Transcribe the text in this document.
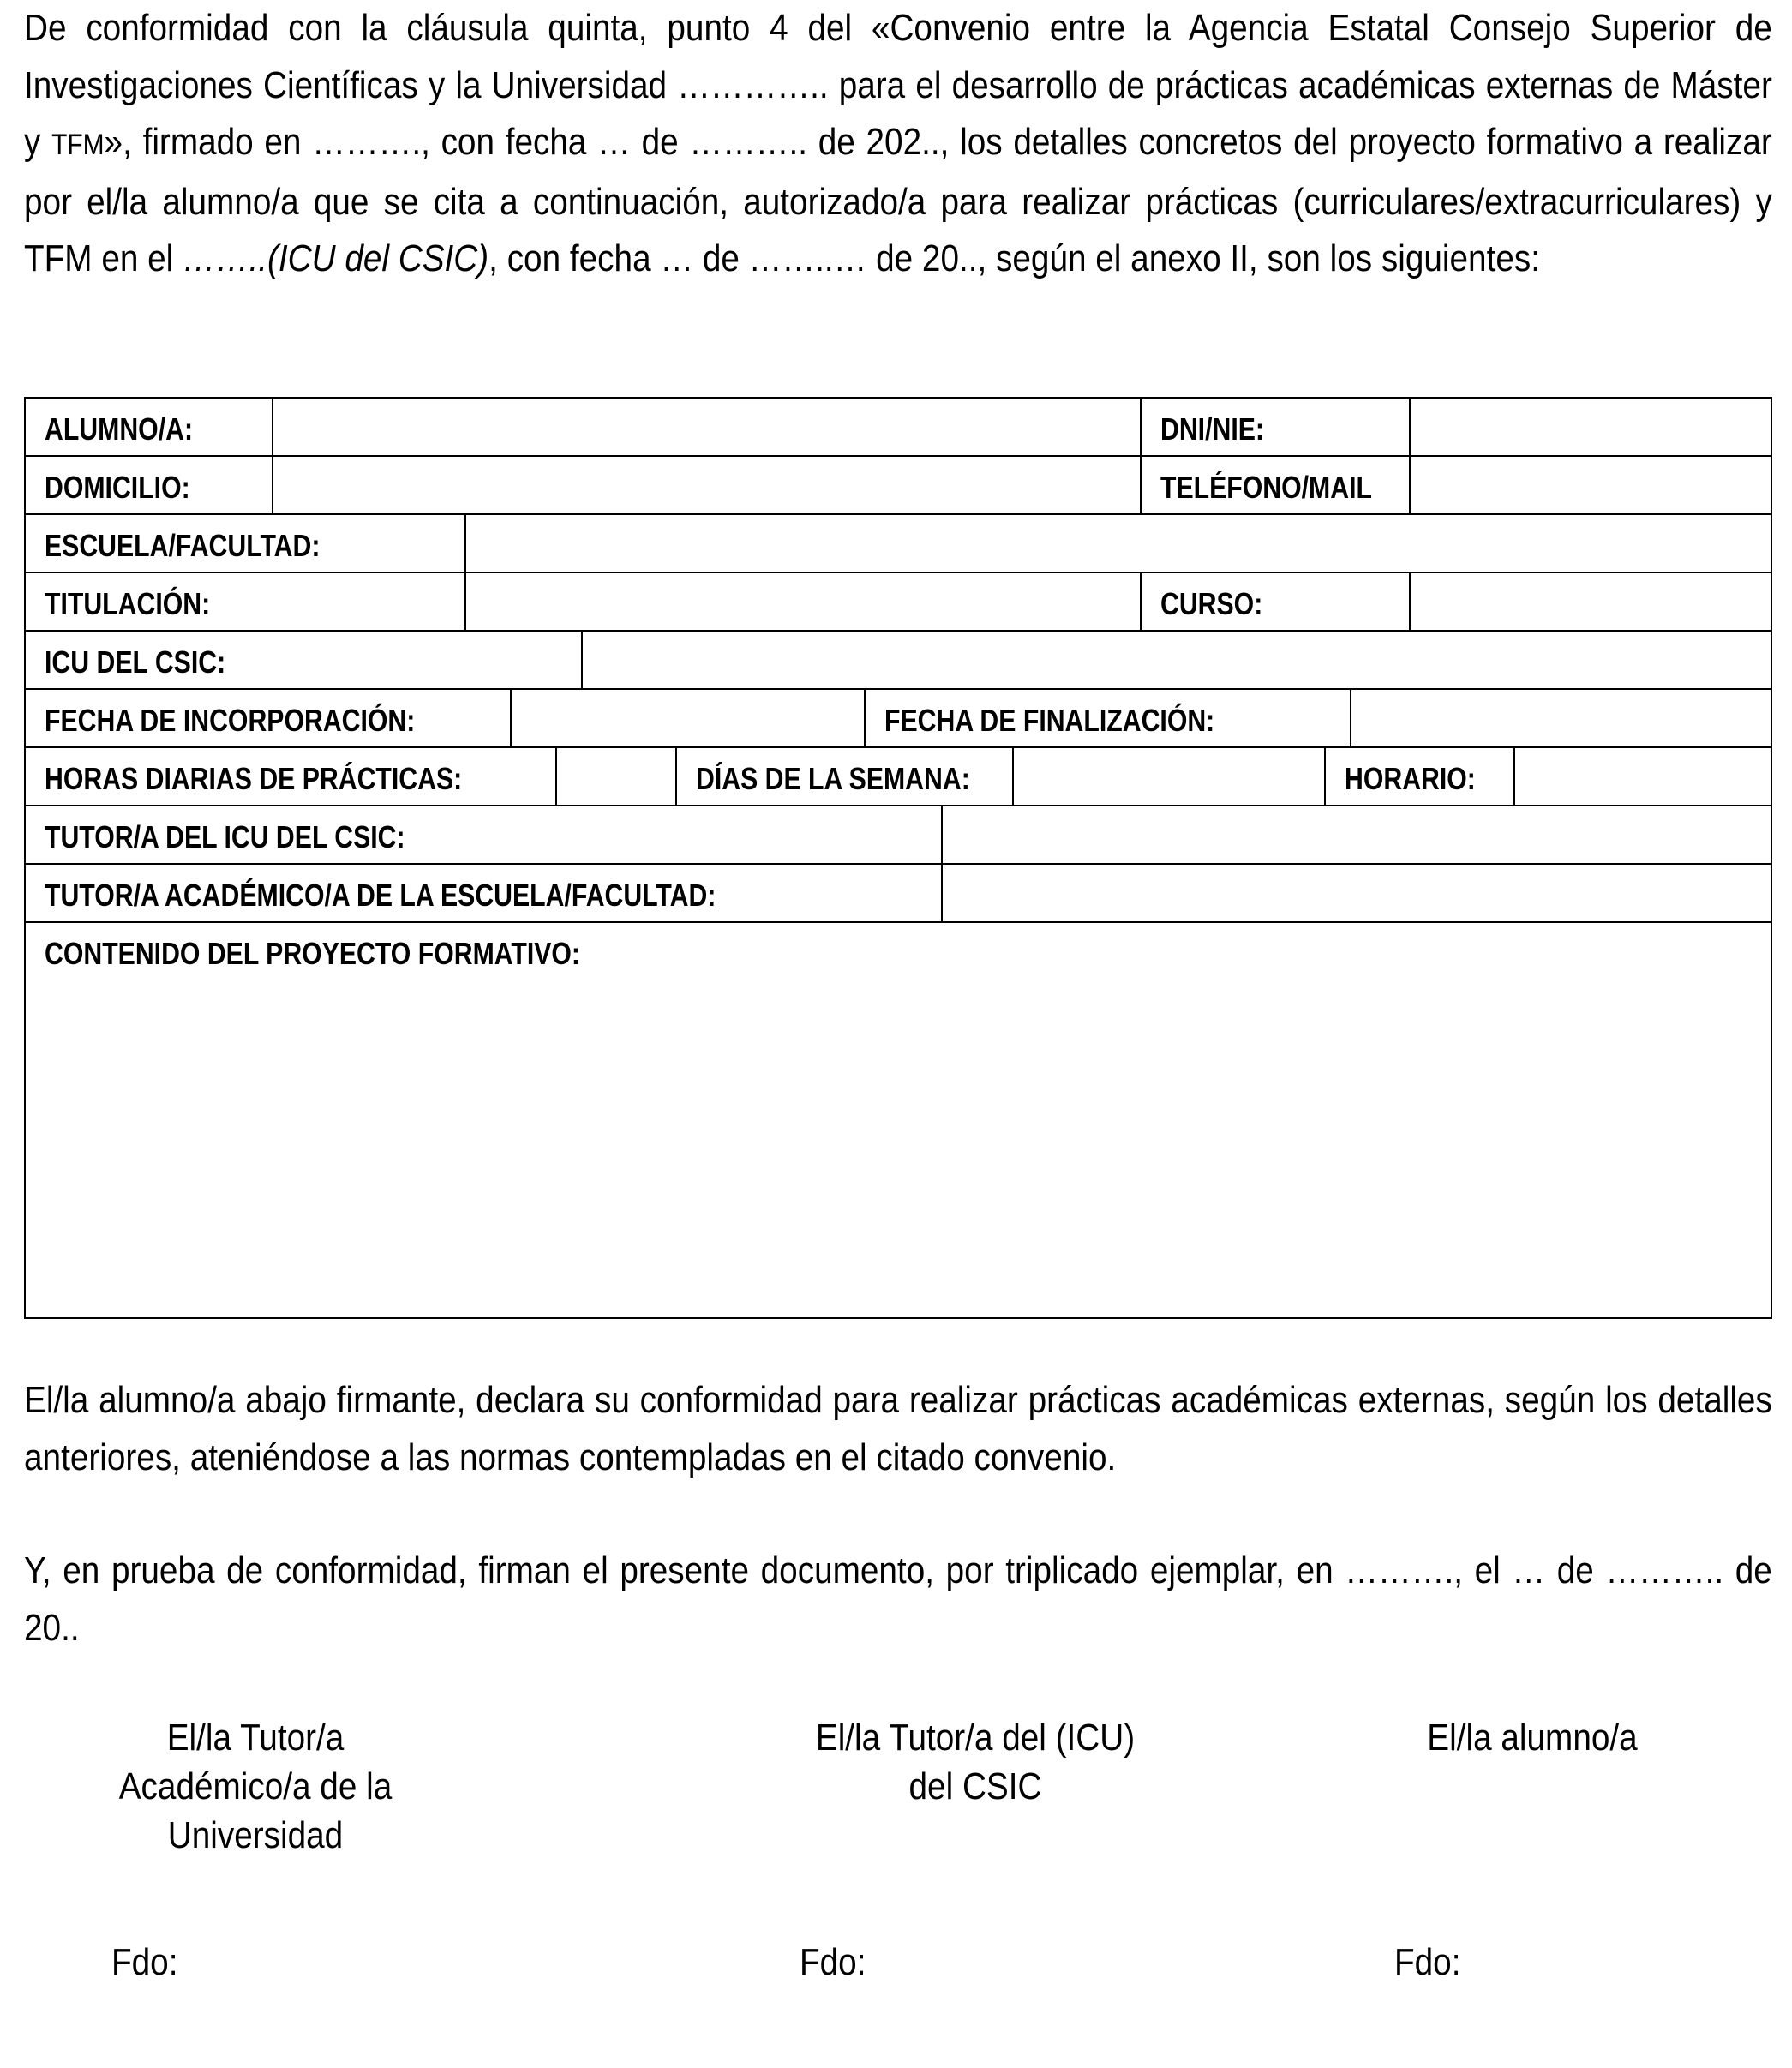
De conformidad con la cláusula quinta, punto 4 del «Convenio entre la Agencia Estatal Consejo Superior de Investigaciones Científicas y la Universidad ………….. para el desarrollo de prácticas académicas externas de Máster y TFM», firmado en ………., con fecha … de ……….. de 202.., los detalles concretos del proyecto formativo a realizar por el/la alumno/a que se cita a continuación, autorizado/a para realizar prácticas (curriculares/extracurriculares) y TFM en el ……..(ICU del CSIC), con fecha … de ……..… de 20.., según el anexo II, son los siguientes:

ALUMNO/A:	DNI/NIE:
DOMICILIO:	TELÉFONO/MAIL
ESCUELA/FACULTAD:
TITULACIÓN:	CURSO:
ICU DEL CSIC:
FECHA DE INCORPORACIÓN:	FECHA DE FINALIZACIÓN:
HORAS DIARIAS DE PRÁCTICAS:	DÍAS DE LA SEMANA:	HORARIO:
TUTOR/A DEL ICU DEL CSIC:
TUTOR/A ACADÉMICO/A DE LA ESCUELA/FACULTAD:
CONTENIDO DEL PROYECTO FORMATIVO:

El/la alumno/a abajo firmante, declara su conformidad para realizar prácticas académicas externas, según los detalles anteriores, ateniéndose a las normas contempladas en el citado convenio.

Y, en prueba de conformidad, firman el presente documento, por triplicado ejemplar, en ………., el … de ……….. de 20..

El/la Tutor/a Académico/a de la
Universidad
El/la Tutor/a del (ICU)
del CSIC
El/la alumno/a
Fdo:	Fdo:	Fdo:
